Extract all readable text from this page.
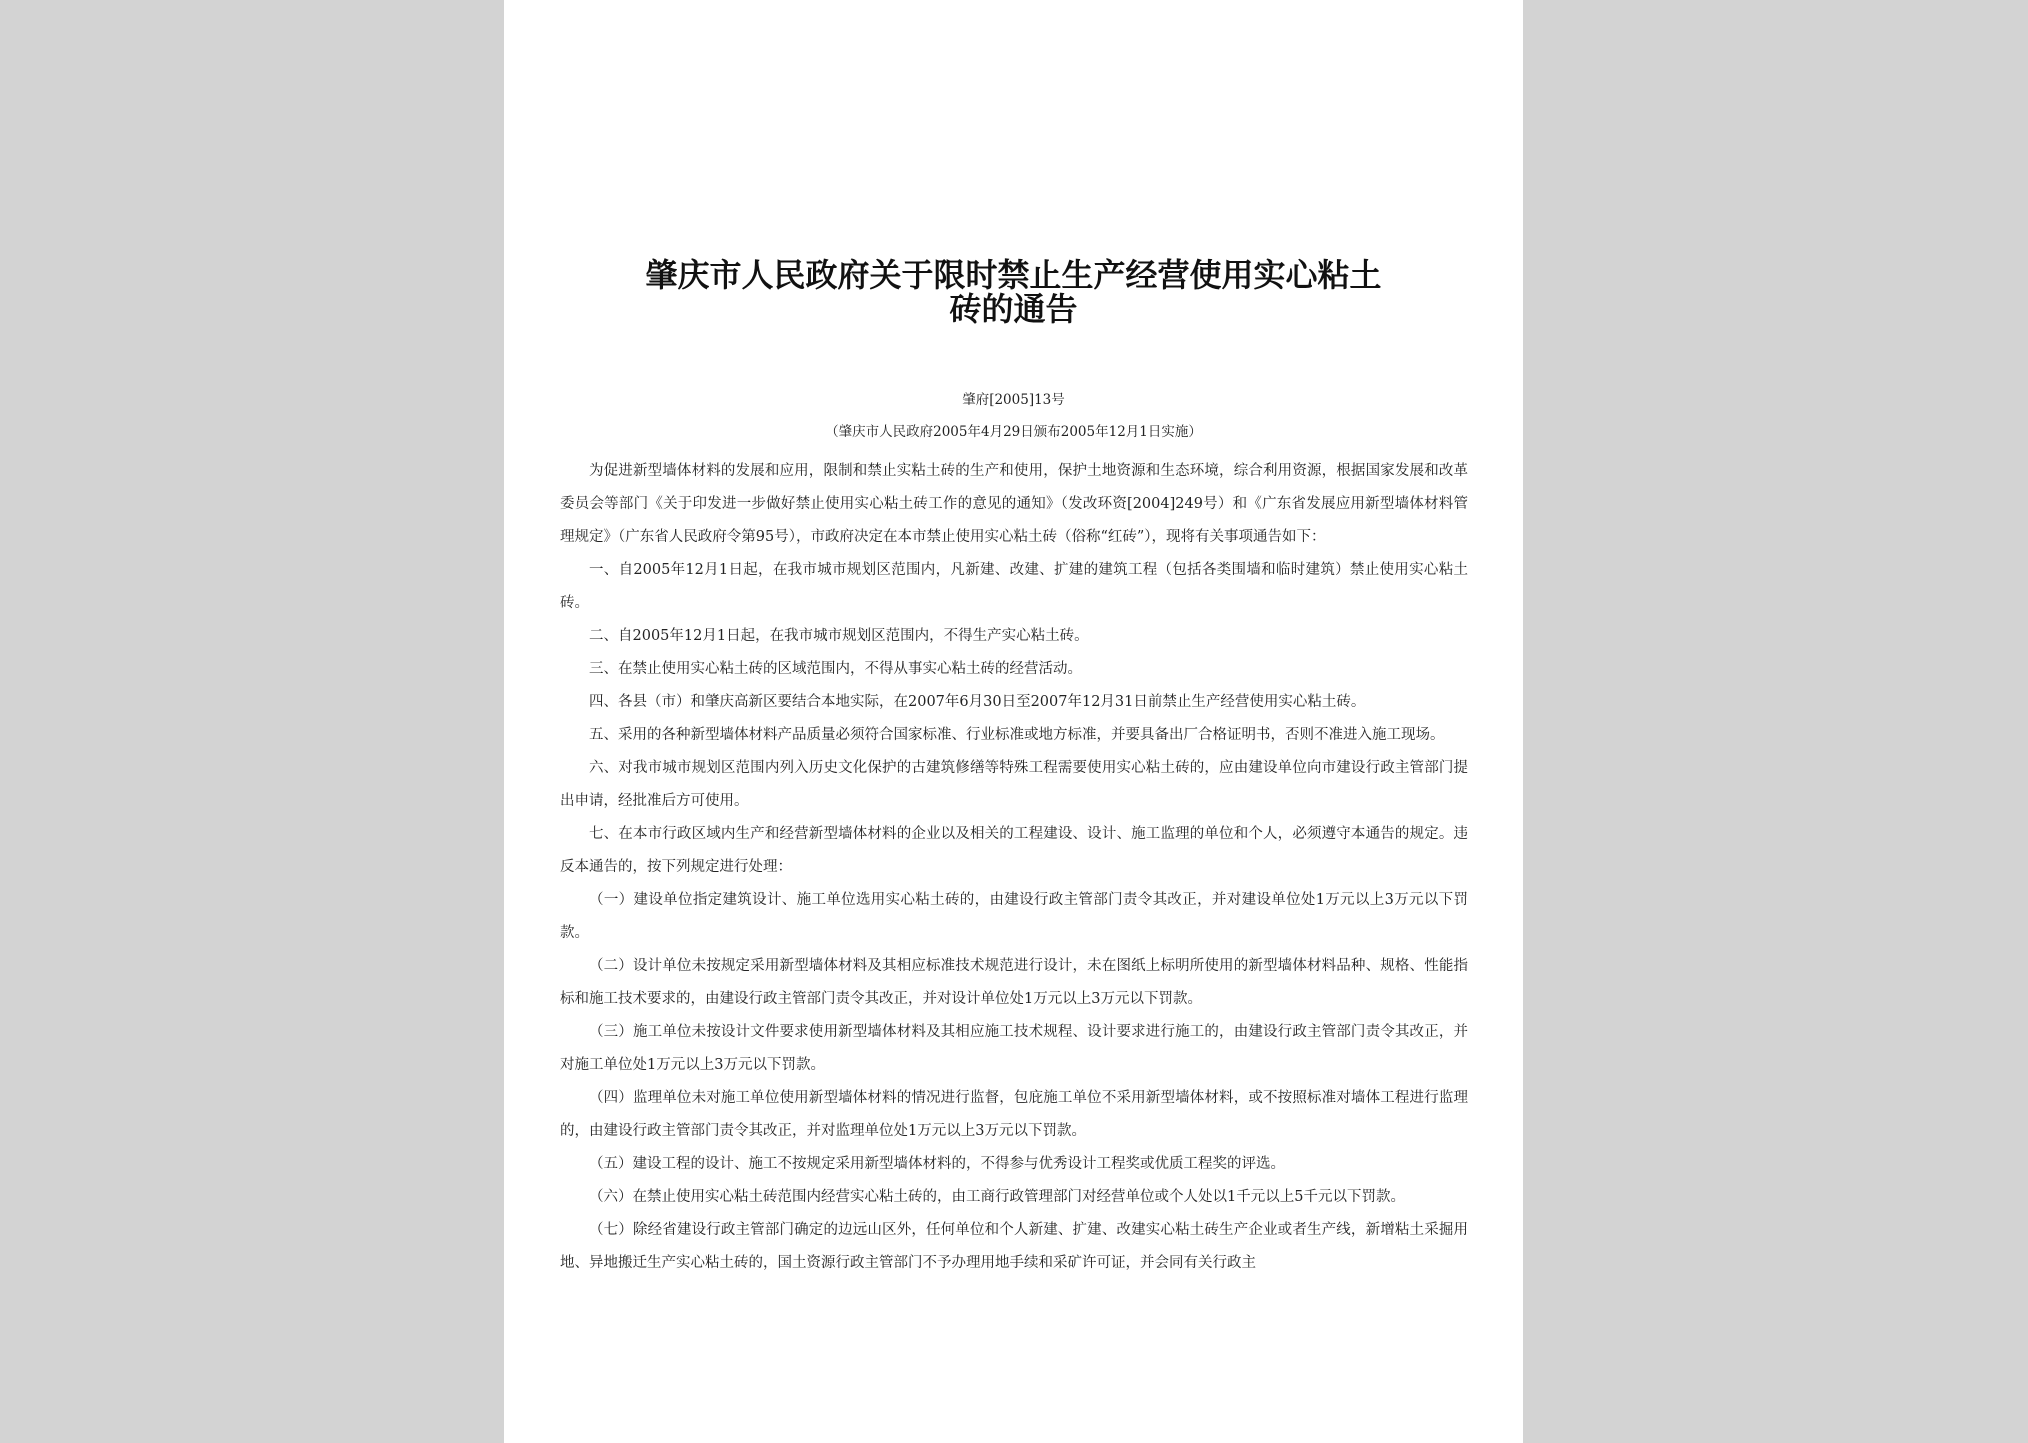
肇庆市人民政府关于限时禁止生产经营使用实心粘土
砖的通告
肇府[2005]13号
（肇庆市人民政府2005年4月29日颁布2005年12月1日实施）

为促进新型墙体材料的发展和应用，限制和禁止实粘土砖的生产和使用，保护土地资源和生态环境，综合利用资源，根据国家发展和改革委员会等部门《关于印发进一步做好禁止使用实心粘土砖工作的意见的通知》（发改环资[2004]249号）和《广东省发展应用新型墙体材料管理规定》（广东省人民政府令第95号），市政府决定在本市禁止使用实心粘土砖（俗称“红砖”），现将有关事项通告如下：

一、自2005年12月1日起，在我市城市规划区范围内，凡新建、改建、扩建的建筑工程（包括各类围墙和临时建筑）禁止使用实心粘土砖。

二、自2005年12月1日起，在我市城市规划区范围内，不得生产实心粘土砖。

三、在禁止使用实心粘土砖的区域范围内，不得从事实心粘土砖的经营活动。

四、各县（市）和肇庆高新区要结合本地实际，在2007年6月30日至2007年12月31日前禁止生产经营使用实心粘土砖。

五、采用的各种新型墙体材料产品质量必须符合国家标准、行业标准或地方标准，并要具备出厂合格证明书，否则不准进入施工现场。

六、对我市城市规划区范围内列入历史文化保护的古建筑修缮等特殊工程需要使用实心粘土砖的，应由建设单位向市建设行政主管部门提出申请，经批准后方可使用。

七、在本市行政区域内生产和经营新型墙体材料的企业以及相关的工程建设、设计、施工监理的单位和个人，必须遵守本通告的规定。违反本通告的，按下列规定进行处理：

（一）建设单位指定建筑设计、施工单位选用实心粘土砖的，由建设行政主管部门责令其改正，并对建设单位处1万元以上3万元以下罚款。

（二）设计单位未按规定采用新型墙体材料及其相应标准技术规范进行设计，未在图纸上标明所使用的新型墙体材料品种、规格、性能指标和施工技术要求的，由建设行政主管部门责令其改正，并对设计单位处1万元以上3万元以下罚款。

（三）施工单位未按设计文件要求使用新型墙体材料及其相应施工技术规程、设计要求进行施工的，由建设行政主管部门责令其改正，并对施工单位处1万元以上3万元以下罚款。

（四）监理单位未对施工单位使用新型墙体材料的情况进行监督，包庇施工单位不采用新型墙体材料，或不按照标准对墙体工程进行监理的，由建设行政主管部门责令其改正，并对监理单位处1万元以上3万元以下罚款。

（五）建设工程的设计、施工不按规定采用新型墙体材料的，不得参与优秀设计工程奖或优质工程奖的评选。

（六）在禁止使用实心粘土砖范围内经营实心粘土砖的，由工商行政管理部门对经营单位或个人处以1千元以上5千元以下罚款。

（七）除经省建设行政主管部门确定的边远山区外，任何单位和个人新建、扩建、改建实心粘土砖生产企业或者生产线，新增粘土采掘用地、异地搬迁生产实心粘土砖的，国土资源行政主管部门不予办理用地手续和采矿许可证，并会同有关行政主
